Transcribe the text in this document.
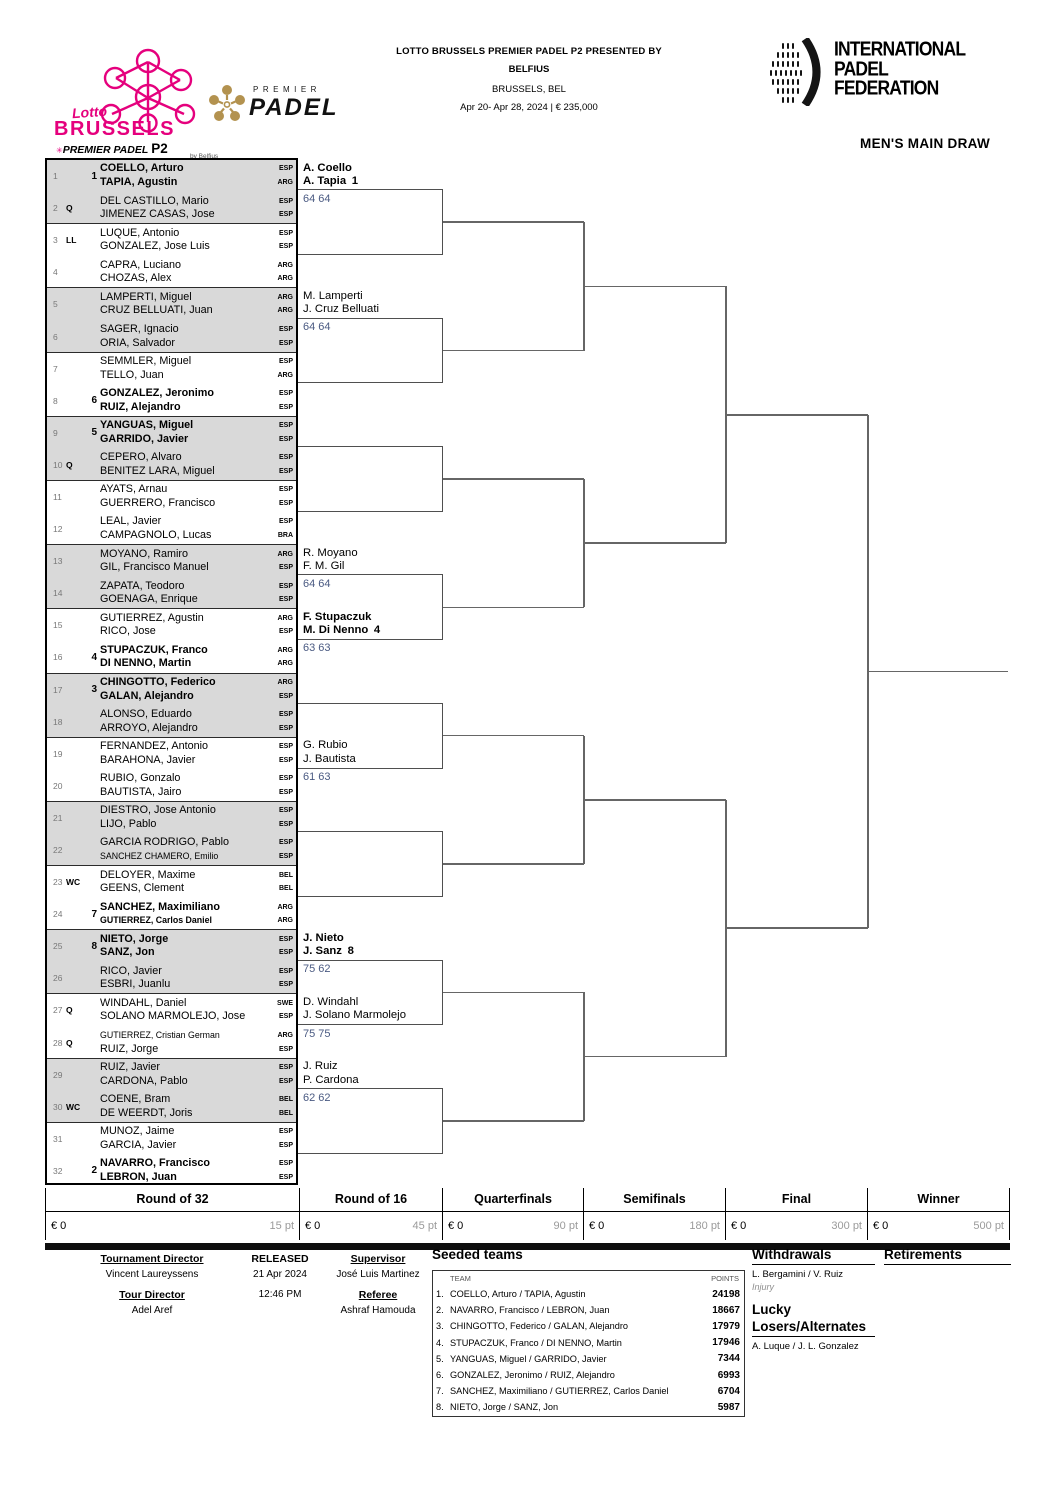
Lotto
BRUSSELS
✳PREMIER PADEL P2
by Belfius
PREMIER
PADEL
LOTTO BRUSSELS PREMIER PADEL P2 PRESENTED BY
BELFIUS
BRUSSELS, BEL
Apr 20- Apr 28, 2024 | € 235,000
INTERNATIONAL
PADEL
FEDERATION
MEN'S MAIN DRAW
1	1
COELLO, Arturo
TAPIA, Agustin
ESP
ARG
2 Q
DEL CASTILLO, Mario
JIMENEZ CASAS, Jose
ESP
ESP
3 LL
LUQUE, Antonio
GONZALEZ, Jose Luis
ESP
ESP
4
CAPRA, Luciano
CHOZAS, Alex
ARG
ARG
5
LAMPERTI, Miguel
CRUZ BELLUATI, Juan
ARG
ARG
6
SAGER, Ignacio
ORIA, Salvador
ESP
ESP
7
SEMMLER, Miguel
TELLO, Juan
ESP
ARG
8	6
GONZALEZ, Jeronimo
RUIZ, Alejandro
ESP
ESP
9	5
YANGUAS, Miguel
GARRIDO, Javier
ESP
ESP
10 Q
CEPERO, Alvaro
BENITEZ LARA, Miguel
ESP
ESP
11
AYATS, Arnau
GUERRERO, Francisco
ESP
ESP
12
LEAL, Javier
CAMPAGNOLO, Lucas
ESP
BRA
13
MOYANO, Ramiro
GIL, Francisco Manuel
ARG
ESP
14
ZAPATA, Teodoro
GOENAGA, Enrique
ESP
ESP
15
GUTIERREZ, Agustin
RICO, Jose
ARG
ESP
16	4
STUPACZUK, Franco
DI NENNO, Martin
ARG
ARG
17	3
CHINGOTTO, Federico
GALAN, Alejandro
ARG
ESP
18
ALONSO, Eduardo
ARROYO, Alejandro
ESP
ESP
19
FERNANDEZ, Antonio
BARAHONA, Javier
ESP
ESP
20
RUBIO, Gonzalo
BAUTISTA, Jairo
ESP
ESP
21
DIESTRO, Jose Antonio
LIJO, Pablo
ESP
ESP
22
GARCIA RODRIGO, Pablo
SANCHEZ CHAMERO, Emilio
ESP
ESP
23 WC
DELOYER, Maxime
GEENS, Clement
BEL
BEL
24	7
SANCHEZ, Maximiliano
GUTIERREZ, Carlos Daniel
ARG
ARG
25	8
NIETO, Jorge
SANZ, Jon
ESP
ESP
26
RICO, Javier
ESBRI, Juanlu
ESP
ESP
27 Q
WINDAHL, Daniel
SOLANO MARMOLEJO, Jose
SWE
ESP
28 Q
GUTIERREZ, Cristian German
RUIZ, Jorge
ARG
ESP
29
RUIZ, Javier
CARDONA, Pablo
ESP
ESP
30 WC
COENE, Bram
DE WEERDT, Joris
BEL
BEL
31
MUNOZ, Jaime
GARCIA, Javier
ESP
ESP
32	2
NAVARRO, Francisco
LEBRON, Juan
ESP
ESP
Round of 32
€ 0	15 pt
Round of 16
€ 0	45 pt
Quarterfinals
€ 0	90 pt
Semifinals
€ 0	180 pt
Final
€ 0	300 pt
Winner
€ 0	500 pt
Tournament Director
Vincent Laureyssens
Tour Director
Adel Aref
RELEASED
21 Apr 2024
12:46 PM
Supervisor
José Luis Martinez
Referee
Ashraf Hamouda
Seeded teams
TEAM	POINTS
1. COELLO, Arturo / TAPIA, Agustin	24198
2. NAVARRO, Francisco / LEBRON, Juan	18667
3. CHINGOTTO, Federico / GALAN, Alejandro	17979
4. STUPACZUK, Franco / DI NENNO, Martin	17946
5. YANGUAS, Miguel / GARRIDO, Javier	7344
6. GONZALEZ, Jeronimo / RUIZ, Alejandro	6993
7. SANCHEZ, Maximiliano / GUTIERREZ, Carlos Daniel	6704
8. NIETO, Jorge / SANZ, Jon	5987
Withdrawals
L. Bergamini / V. Ruiz
Injury
Lucky
Losers/Alternates
A. Luque / J. L. Gonzalez
Retirements
A. Coello
A. Tapia 1
64 64
M. Lamperti
J. Cruz Belluati
64 64
R. Moyano
F. M. Gil
64 64
F. Stupaczuk
M. Di Nenno 4
63 63
G. Rubio
J. Bautista
61 63
J. Nieto
J. Sanz 8
75 62
D. Windahl
J. Solano Marmolejo
75 75
J. Ruiz
P. Cardona
62 62
